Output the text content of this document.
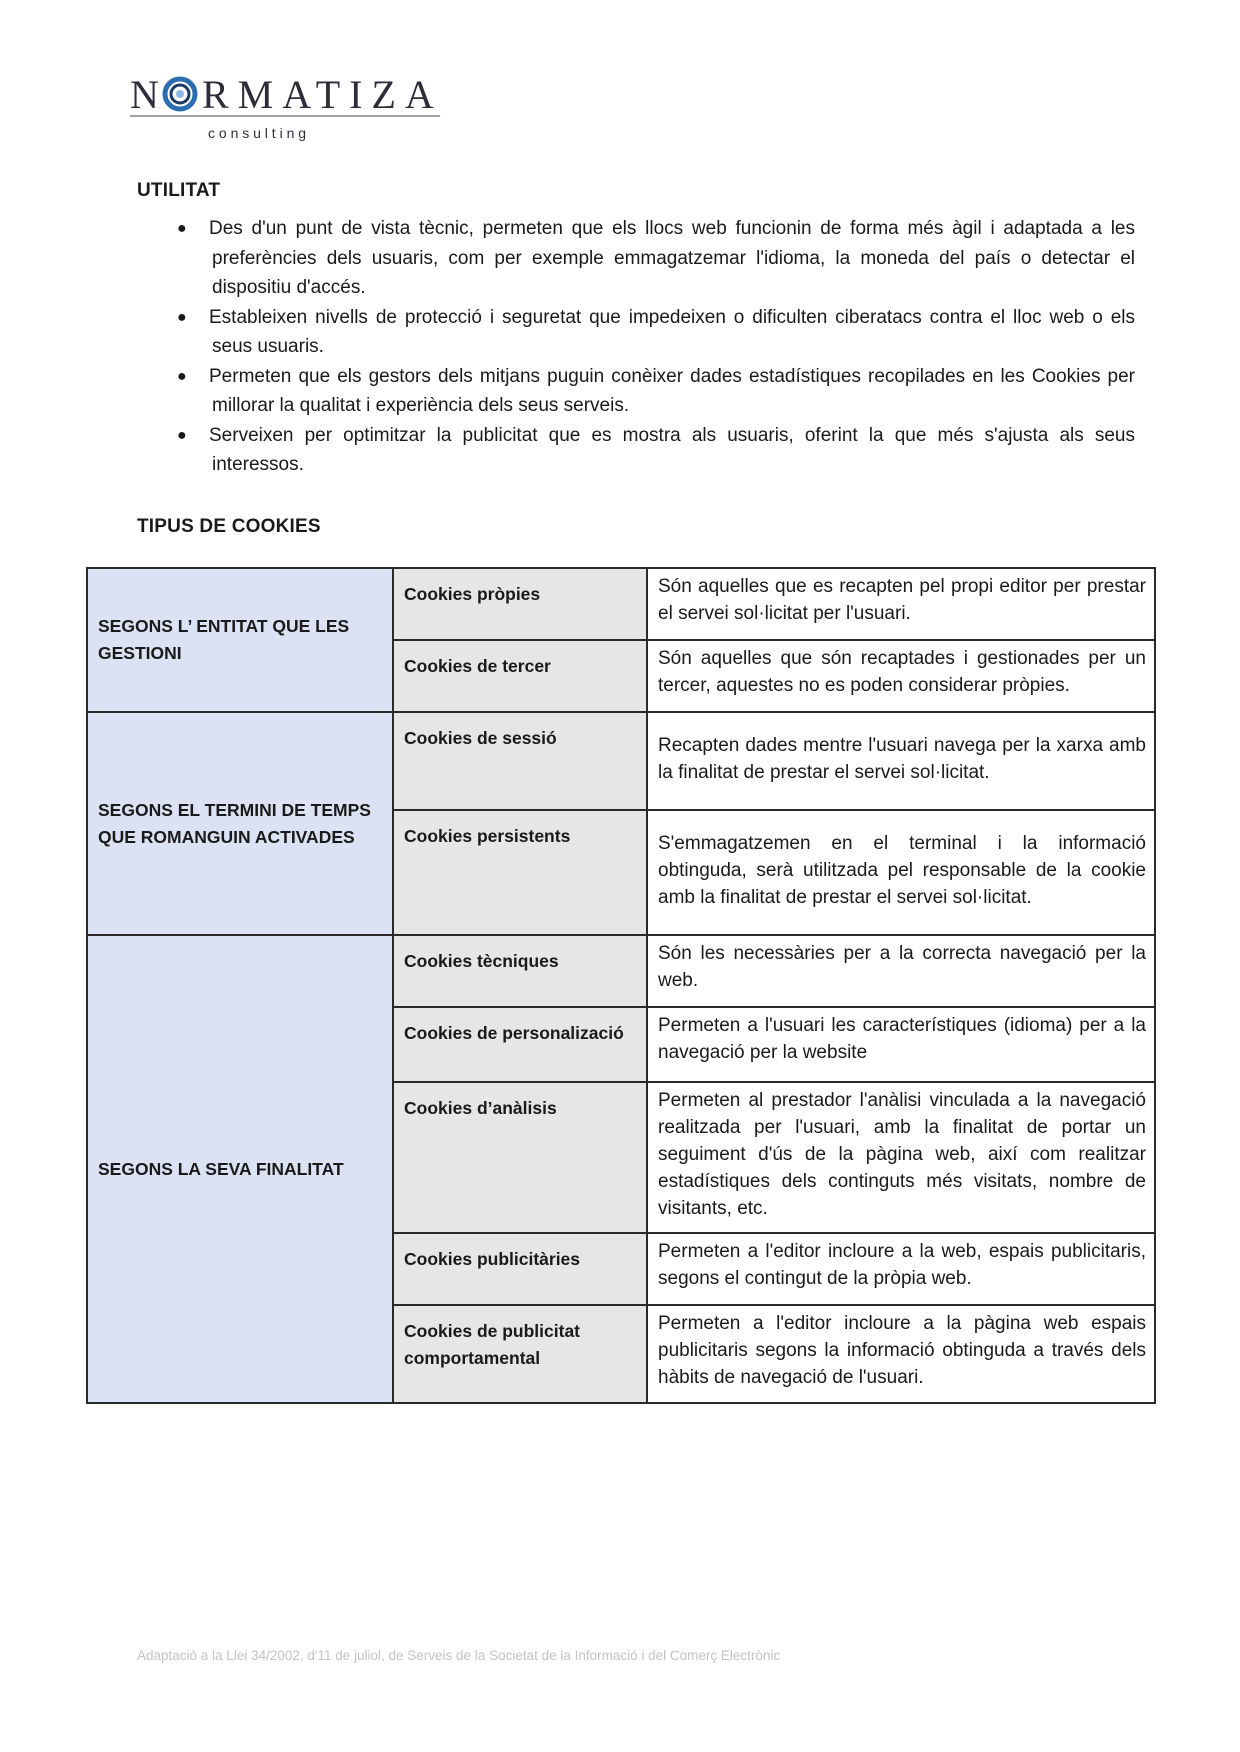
N RMATIZA
c o n s u l t i n g
UTILITAT
● Des d'un punt de vista tècnic, permeten que els llocs web funcionin de forma més àgil i adaptada a les preferències dels usuaris, com per exemple emmagatzemar l'idioma, la moneda del país o detectar el dispositiu d'accés.
● Estableixen nivells de protecció i seguretat que impedeixen o dificulten ciberatacs contra el lloc web o els seus usuaris.
● Permeten que els gestors dels mitjans puguin conèixer dades estadístiques recopilades en les Cookies per millorar la qualitat i experiència dels seus serveis.
● Serveixen per optimitzar la publicitat que es mostra als usuaris, oferint la que més s'ajusta als seus interessos.
TIPUS DE COOKIES
SEGONS L’ ENTITAT QUE LES GESTIONI	Cookies pròpies	Són aquelles que es recapten pel propi editor per prestar el servei sol·licitat per l'usuari.
	Cookies de tercer	Són aquelles que són recaptades i gestionades per un tercer, aquestes no es poden considerar pròpies.
SEGONS EL TERMINI DE TEMPS QUE ROMANGUIN ACTIVADES	Cookies de sessió	Recapten dades mentre l'usuari navega per la xarxa amb la finalitat de prestar el servei sol·licitat.
	Cookies persistents	S'emmagatzemen en el terminal i la informació obtinguda, serà utilitzada pel responsable de la cookie amb la finalitat de prestar el servei sol·licitat.
SEGONS LA SEVA FINALITAT	Cookies tècniques	Són les necessàries per a la correcta navegació per la web.
	Cookies de personalizació	Permeten a l'usuari les característiques (idioma) per a la navegació per la website
	Cookies d’anàlisis	Permeten al prestador l'anàlisi vinculada a la navegació realitzada per l'usuari, amb la finalitat de portar un seguiment d'ús de la pàgina web, així com realitzar estadístiques dels continguts més visitats, nombre de visitants, etc.
	Cookies publicitàries	Permeten a l'editor incloure a la web, espais publicitaris, segons el contingut de la pròpia web.
	Cookies de publicitat comportamental	Permeten a l'editor incloure a la pàgina web espais publicitaris segons la informació obtinguda a través dels hàbits de navegació de l'usuari.
Adaptació a la Llei 34/2002, d'11 de juliol, de Serveis de la Societat de la Informació i del Comerç Electrònic
